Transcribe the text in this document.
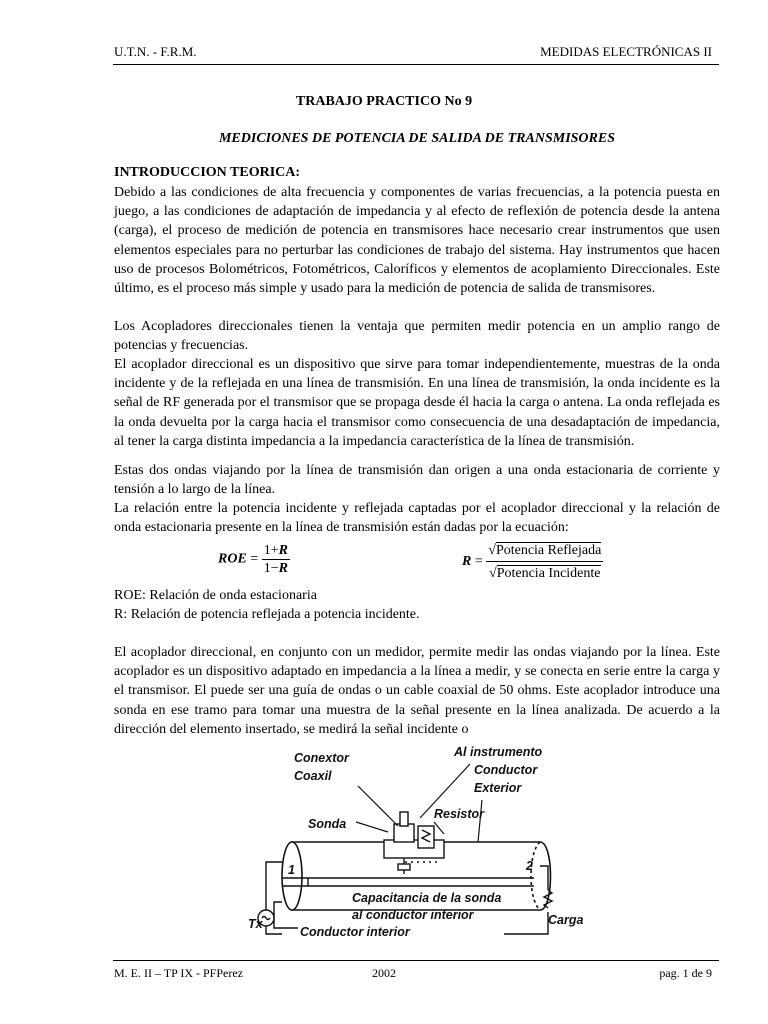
U.T.N. - F.R.M.	MEDIDAS ELECTRÓNICAS II
TRABAJO PRACTICO No 9
MEDICIONES DE POTENCIA DE SALIDA DE TRANSMISORES
INTRODUCCION TEORICA:
Debido a las condiciones de alta frecuencia y componentes de varias frecuencias, a la potencia puesta en juego, a las condiciones de adaptación de impedancia y al efecto de reflexión de potencia desde la antena (carga), el proceso de medición de potencia en transmisores hace necesario crear instrumentos que usen elementos especiales para no perturbar las condiciones de trabajo del sistema. Hay instrumentos que hacen uso de procesos Bolométricos, Fotométricos, Caloríficos y elementos de acoplamiento Direccionales. Este último, es el proceso más simple y usado para la medición de potencia de salida de transmisores.
Los Acopladores direccionales tienen la ventaja que permiten medir potencia en un amplio rango de potencias y frecuencias.
El acoplador direccional es un dispositivo que sirve para tomar independientemente, muestras de la onda incidente y de la reflejada en una línea de transmisión. En una línea de transmisión, la onda incidente es la señal de RF generada por el transmisor que se propaga desde él hacia la carga o antena. La onda reflejada es la onda devuelta por la carga hacia el transmisor como consecuencia de una desadaptación de impedancia, al tener la carga distinta impedancia a la impedancia característica de la línea de transmisión.
Estas dos ondas viajando por la línea de transmisión dan origen a una onda estacionaria de corriente y tensión a lo largo de la línea.
La relación entre la potencia incidente y reflejada captadas por el acoplador direccional y la relación de onda estacionaria presente en la línea de transmisión están dadas por la ecuación:
ROE = $\frac{1+R}{1-R}$	$R = \frac{\text{√Potencia Reflejada}}{\text{√Potencia Incidente}}$
ROE: Relación de onda estacionaria
R: Relación de potencia reflejada a potencia incidente.
El acoplador direccional, en conjunto con un medidor, permite medir las ondas viajando por la línea. Este acoplador es un dispositivo adaptado en impedancia a la línea a medir, y se conecta en serie entre la carga y el transmisor. El puede ser una guía de ondas o un cable coaxial de 50 ohms. Este acoplador introduce una sonda en ese tramo para tomar una muestra de la señal presente en la línea analizada. De acuerdo a la dirección del elemento insertado, se medirá la señal incidente o
Conextor
Coaxil
Al instrumento
Conductor
Exterior
Resistor
Sonda
1	2
Capacitancia de la sonda
al conductor interior
Tx	Carga
Conductor interior
M. E. II – TP IX - PFPerez	2002	pag. 1 de 9
